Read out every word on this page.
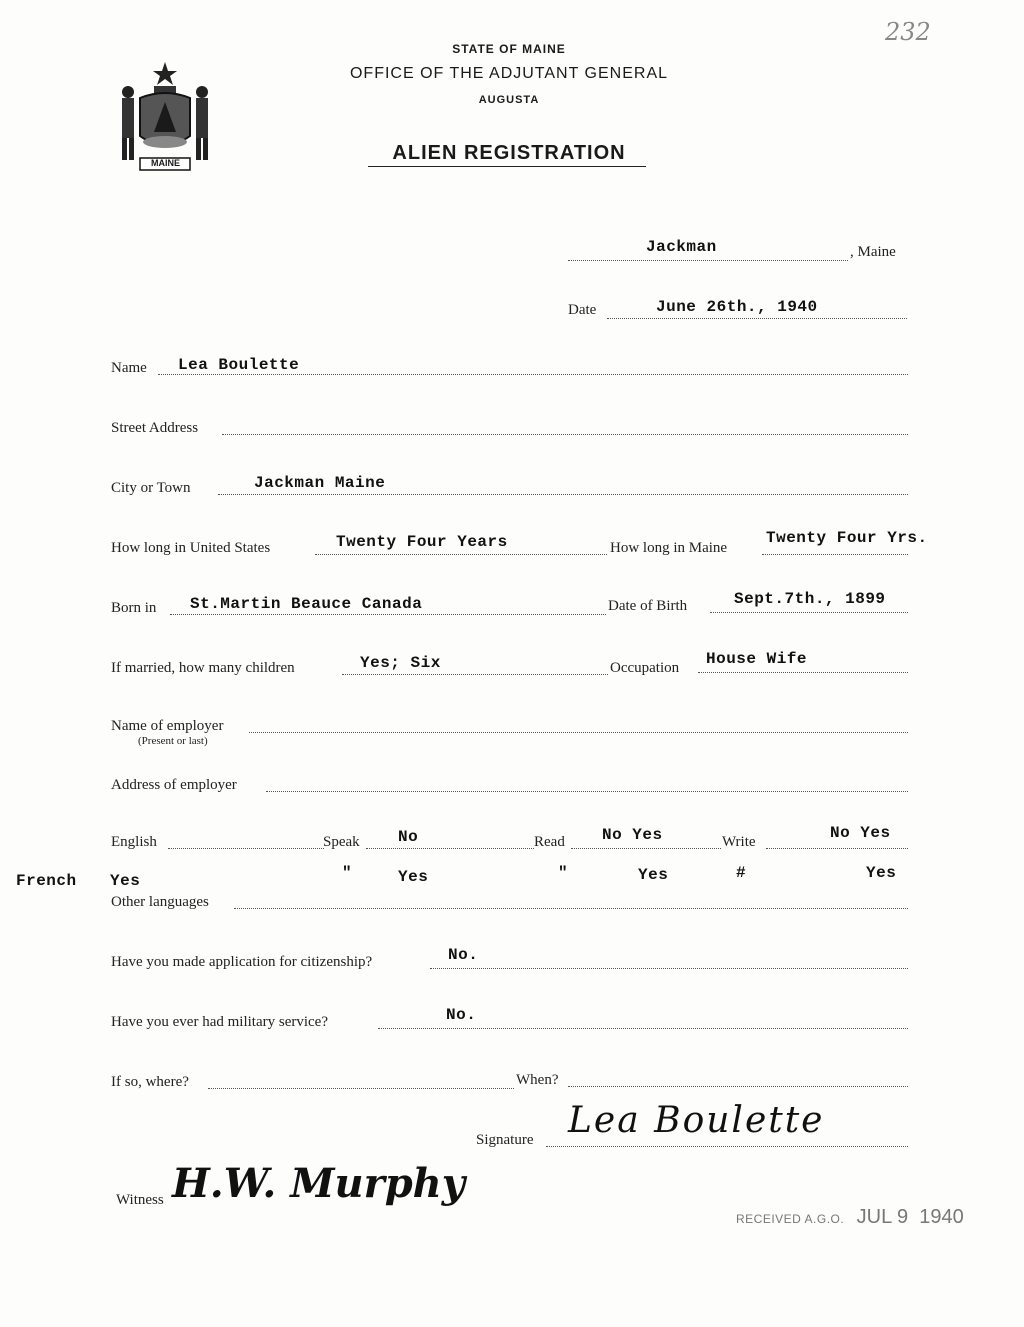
232
MAINE
STATE OF MAINE
OFFICE OF THE ADJUTANT GENERAL
AUGUSTA
ALIEN REGISTRATION
Jackman	, Maine
Date	June 26th., 1940
Name Lea Boulette
Street Address
City or Town	Jackman Maine
How long in United States	Twenty Four Years	How long in Maine
Twenty Four Yrs.
Born in St.Martin Beauce Canada	Date of Birth	Sept.7th., 1899
If married, how many children	Yes; Six	Occupation House Wife
Name of employer
(Present or last)
Address of employer
English	Speak No	Read No Yes	Write	No Yes
French Yes	"	Yes	"	Yes	#	Yes
Other languages
Have you made application for citizenship?	No.
Have you ever had military service?	No.
If so, where?	When?
Signature Lea Boulette
Witness H.W. Murphy
RECEIVED A.G.O. JUL 9  1940
